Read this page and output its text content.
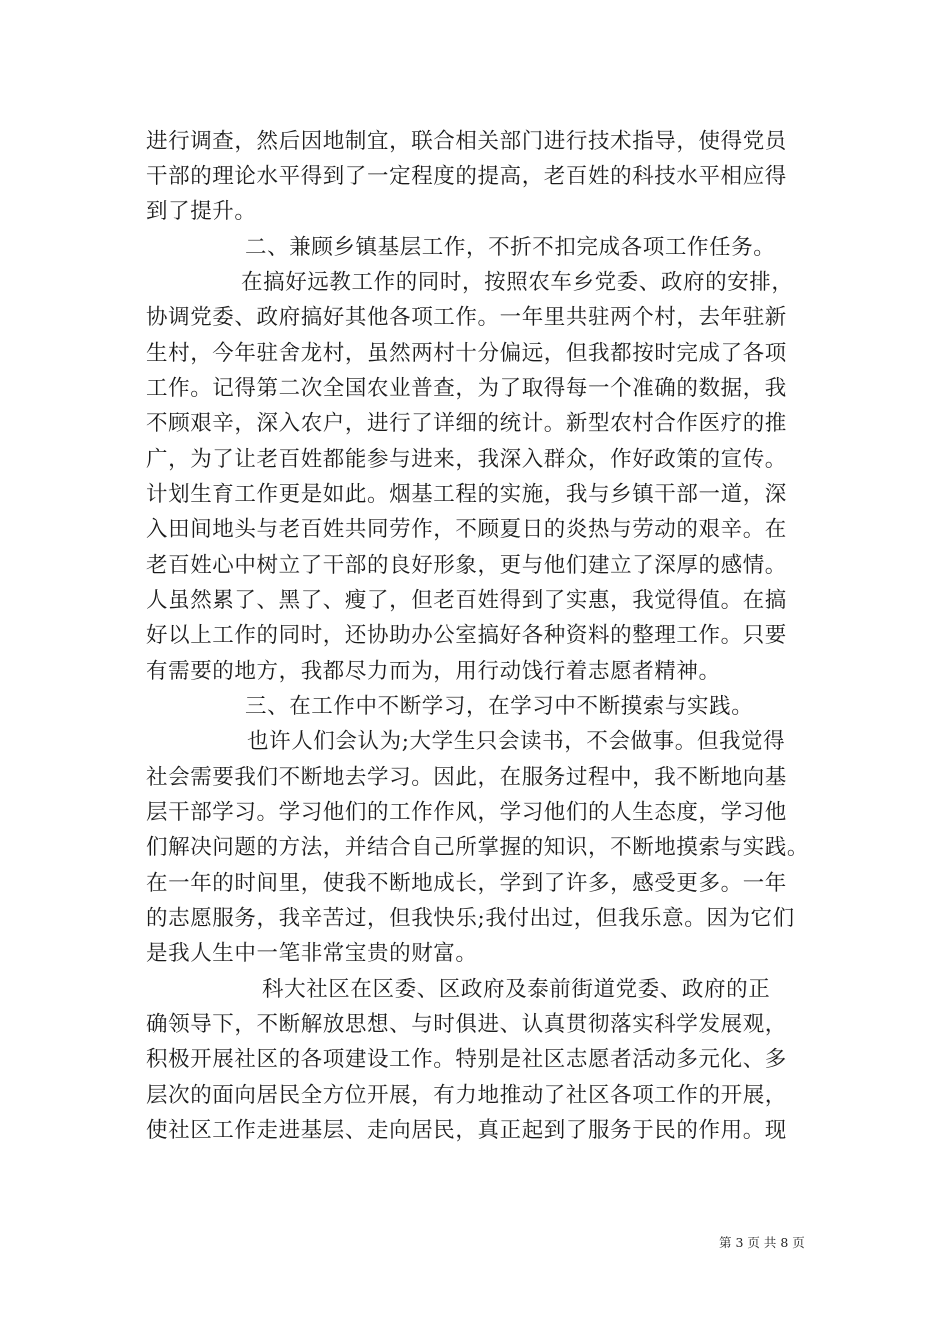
进行调查，然后因地制宜，联合相关部门进行技术指导，使得党员
干部的理论水平得到了一定程度的提高，老百姓的科技水平相应得
到了提升。
二、兼顾乡镇基层工作，不折不扣完成各项工作任务。
在搞好远教工作的同时，按照农车乡党委、政府的安排，
协调党委、政府搞好其他各项工作。一年里共驻两个村，去年驻新
生村，今年驻舍龙村，虽然两村十分偏远，但我都按时完成了各项
工作。记得第二次全国农业普查，为了取得每一个准确的数据，我
不顾艰辛，深入农户，进行了详细的统计。新型农村合作医疗的推
广，为了让老百姓都能参与进来，我深入群众，作好政策的宣传。
计划生育工作更是如此。烟基工程的实施，我与乡镇干部一道，深
入田间地头与老百姓共同劳作，不顾夏日的炎热与劳动的艰辛。在
老百姓心中树立了干部的良好形象，更与他们建立了深厚的感情。
人虽然累了、黑了、瘦了，但老百姓得到了实惠，我觉得值。在搞
好以上工作的同时，还协助办公室搞好各种资料的整理工作。只要
有需要的地方，我都尽力而为，用行动饯行着志愿者精神。
三、在工作中不断学习，在学习中不断摸索与实践。
也许人们会认为;大学生只会读书，不会做事。但我觉得
社会需要我们不断地去学习。因此，在服务过程中，我不断地向基
层干部学习。学习他们的工作作风，学习他们的人生态度，学习他
们解决问题的方法，并结合自己所掌握的知识，不断地摸索与实践。
在一年的时间里，使我不断地成长，学到了许多，感受更多。一年
的志愿服务，我辛苦过，但我快乐;我付出过，但我乐意。因为它们
是我人生中一笔非常宝贵的财富。
科大社区在区委、区政府及泰前街道党委、政府的正
确领导下，不断解放思想、与时俱进、认真贯彻落实科学发展观，
积极开展社区的各项建设工作。特别是社区志愿者活动多元化、多
层次的面向居民全方位开展，有力地推动了社区各项工作的开展，
使社区工作走进基层、走向居民，真正起到了服务于民的作用。现
第 3 页 共 8 页
